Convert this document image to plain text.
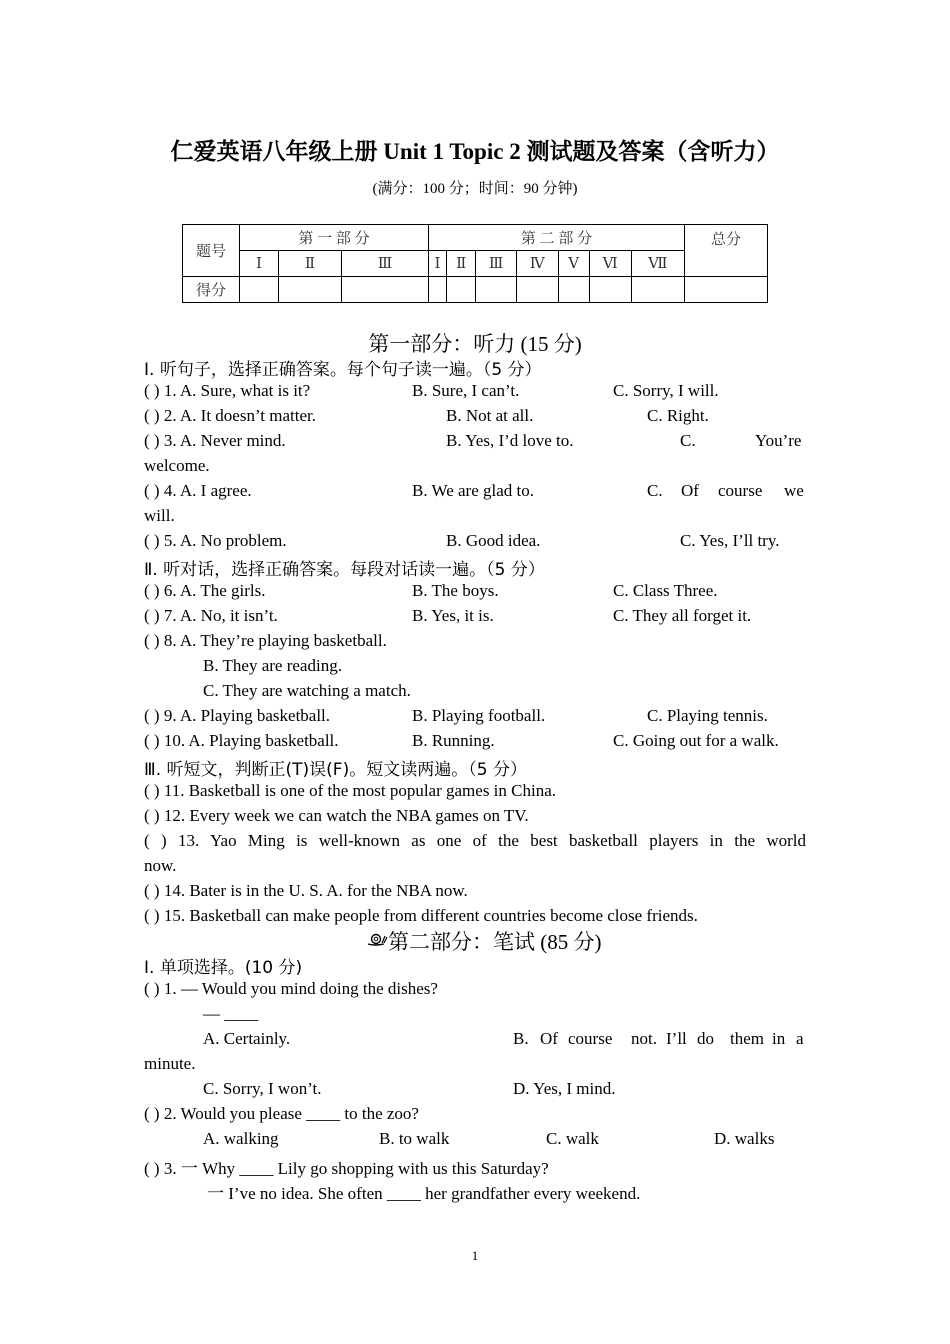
仁爱英语八年级上册 Unit 1 Topic 2 测试题及答案（含听力）
(满分：100 分；时间：90 分钟)
题号	第 一 部 分			第 二 部 分							总分
	Ⅰ	Ⅱ	Ⅲ	Ⅰ	Ⅱ	Ⅲ	Ⅳ	Ⅴ	Ⅵ	Ⅶ	
得分											
第一部分：听力 (15 分)
Ⅰ. 听句子，选择正确答案。每个句子读一遍。（5 分）
( ) 1. A. Sure, what is it?	B. Sure, I can’t.	C. Sorry, I will.
( ) 2. A. It doesn’t matter.	B. Not at all.	C. Right.
( ) 3. A. Never mind.	B. Yes, I’d love to.	C.	You’re
welcome.
( ) 4. A. I agree.	B. We are glad to.	C. Of course we
will.
( ) 5. A. No problem.	B. Good idea.	C. Yes, I’ll try.
Ⅱ. 听对话，选择正确答案。每段对话读一遍。（5 分）
( ) 6. A. The girls.	B. The boys.	C. Class Three.
( ) 7. A. No, it isn’t.	B. Yes, it is.	C. They all forget it.
( ) 8. A. They’re playing basketball.
B. They are reading.
C. They are watching a match.
( ) 9. A. Playing basketball.	B. Playing football.	C. Playing tennis.
( ) 10. A. Playing basketball.	B. Running.	C. Going out for a walk.
Ⅲ. 听短文，判断正(T)误(F)。短文读两遍。（5 分）
( ) 11. Basketball is one of the most popular games in China.
( ) 12. Every week we can watch the NBA games on TV.
( ) 13. Yao Ming is well-known as one of the best basketball players in the world
now.
( ) 14. Bater is in the U. S. A. for the NBA now.
( ) 15. Basketball can make people from different countries become close friends.
第二部分：笔试 (85 分)
Ⅰ. 单项选择。(10 分)
( ) 1. — Would you mind doing the dishes?
— ____
A. Certainly.	B. Of course not. I’ll do them in a
minute.
C. Sorry, I won’t.	D. Yes, I mind.
( ) 2. Would you please ____ to the zoo?
A. walking	B. to walk	C. walk	D. walks
( ) 3. 一 Why ____ Lily go shopping with us this Saturday?
一 I’ve no idea. She often ____ her grandfather every weekend.
1
